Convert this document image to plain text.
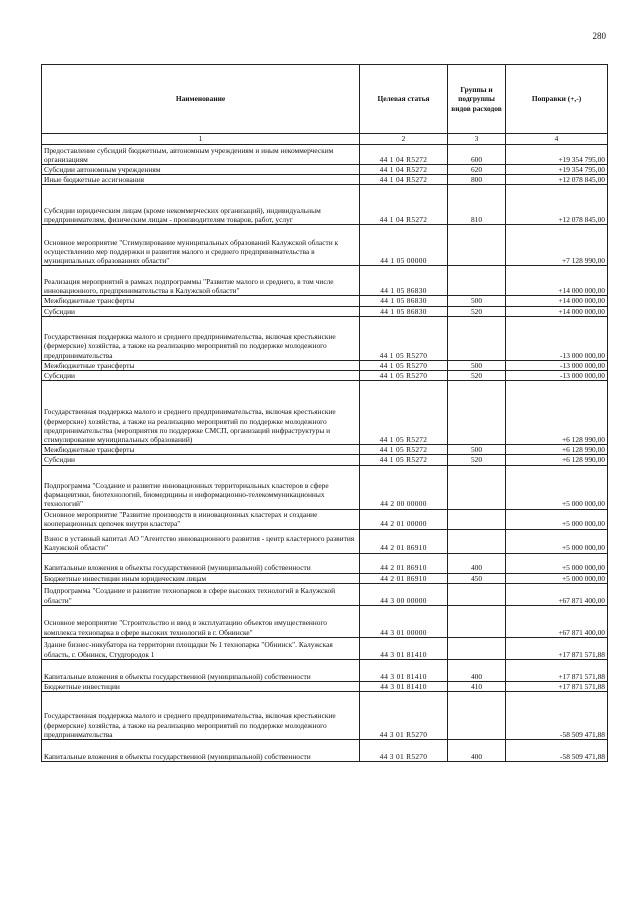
280
Наименование	Целевая статья	Группы и подгруппы видов расходов	Поправки (+,-)
1	2	3	4
Предоставление субсидий бюджетным, автономным учреждениям и иным некоммерческим организациям	44 1 04 R5272	600	+19 354 795,00
Субсидии автономным учреждениям	44 1 04 R5272	620	+19 354 795,00
Иные бюджетные ассигнования	44 1 04 R5272	800	+12 078 845,00
Субсидии юридическим лицам (кроме некоммерческих организаций), индивидуальным предпринимателям, физическим лицам - производителям товаров, работ, услуг	44 1 04 R5272	810	+12 078 845,00
Основное мероприятие "Стимулирование муниципальных образований Калужской области к осуществлению мер поддержки и развития малого и среднего предпринимательства в муниципальных образованиях области"	44 1 05 00000		+7 128 990,00
Реализация мероприятий в рамках подпрограммы "Развитие малого и среднего, в том числе инновационного, предпринимательства в Калужской области"	44 1 05 86830		+14 000 000,00
Межбюджетные трансферты	44 1 05 86830	500	+14 000 000,00
Субсидии	44 1 05 86830	520	+14 000 000,00
Государственная поддержка малого и среднего предпринимательства, включая крестьянские (фермерские) хозяйства, а также на реализацию мероприятий по поддержке молодежного предпринимательства	44 1 05 R5270		-13 000 000,00
Межбюджетные трансферты	44 1 05 R5270	500	-13 000 000,00
Субсидии	44 1 05 R5270	520	-13 000 000,00
Государственная поддержка малого и среднего предпринимательства, включая крестьянские (фермерские) хозяйства, а также на реализацию мероприятий по поддержке молодежного предпринимательства (мероприятия по поддержке СМСП, организаций инфраструктуры и стимулирование муниципальных образований)	44 1 05 R5272		+6 128 990,00
Межбюджетные трансферты	44 1 05 R5272	500	+6 128 990,00
Субсидии	44 1 05 R5272	520	+6 128 990,00
Подпрограмма "Создание и развитие инновационных территориальных кластеров в сфере фармацевтики, биотехнологий, биомедицины и информационно-телекоммуникационных технологий"	44 2 00 00000		+5 000 000,00
Основное мероприятие "Развитие производств в инновационных кластерах и создание кооперационных цепочек внутри кластера"	44 2 01 00000		+5 000 000,00
Взнос в уставный капитал АО "Агентство инновационного развития - центр кластерного развития Калужской области"	44 2 01 86910		+5 000 000,00
Капитальные вложения в объекты государственной (муниципальной) собственности	44 2 01 86910	400	+5 000 000,00
Бюджетные инвестиции иным юридическим лицам	44 2 01 86910	450	+5 000 000,00
Подпрограмма "Создание и развитие технопарков в сфере высоких технологий в Калужской области"	44 3 00 00000		+67 871 400,00
Основное мероприятие "Строительство и ввод в эксплуатацию объектов имущественного комплекса технопарка в сфере высоких технологий в г. Обнинске"	44 3 01 00000		+67 871 400,00
Здание бизнес-инкубатора на территории площадки № 1 технопарка "Обнинск". Калужская область, г. Обнинск, Студгородок 1	44 3 01 81410		+17 871 571,88
Капитальные вложения в объекты государственной (муниципальной) собственности	44 3 01 81410	400	+17 871 571,88
Бюджетные инвестиции	44 3 01 81410	410	+17 871 571,88
Государственная поддержка малого и среднего предпринимательства, включая крестьянские (фермерские) хозяйства, а также на реализацию мероприятий по поддержке молодежного предпринимательства	44 3 01 R5270		-58 509 471,88
Капитальные вложения в объекты государственной (муниципальной) собственности	44 3 01 R5270	400	-58 509 471,88
